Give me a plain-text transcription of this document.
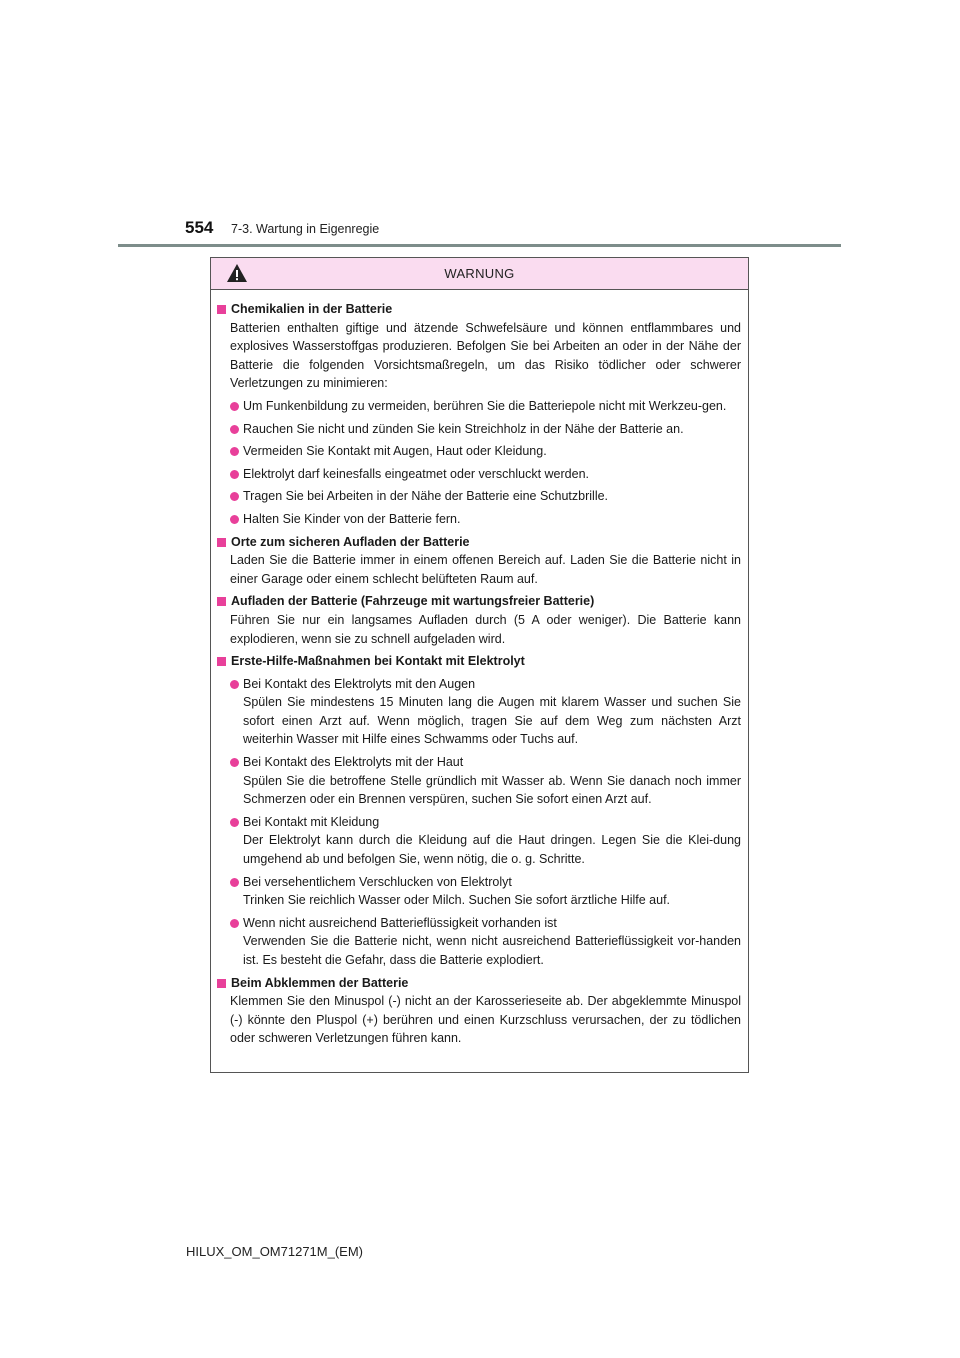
554 7-3. Wartung in Eigenregie
WARNUNG
Chemikalien in der Batterie
Batterien enthalten giftige und ätzende Schwefelsäure und können entflammbares und explosives Wasserstoffgas produzieren. Befolgen Sie bei Arbeiten an oder in der Nähe der Batterie die folgenden Vorsichtsmaßregeln, um das Risiko tödlicher oder schwerer Verletzungen zu minimieren:
Um Funkenbildung zu vermeiden, berühren Sie die Batteriepole nicht mit Werkzeu-gen.
Rauchen Sie nicht und zünden Sie kein Streichholz in der Nähe der Batterie an.
Vermeiden Sie Kontakt mit Augen, Haut oder Kleidung.
Elektrolyt darf keinesfalls eingeatmet oder verschluckt werden.
Tragen Sie bei Arbeiten in der Nähe der Batterie eine Schutzbrille.
Halten Sie Kinder von der Batterie fern.
Orte zum sicheren Aufladen der Batterie
Laden Sie die Batterie immer in einem offenen Bereich auf. Laden Sie die Batterie nicht in einer Garage oder einem schlecht belüfteten Raum auf.
Aufladen der Batterie (Fahrzeuge mit wartungsfreier Batterie)
Führen Sie nur ein langsames Aufladen durch (5 A oder weniger). Die Batterie kann explodieren, wenn sie zu schnell aufgeladen wird.
Erste-Hilfe-Maßnahmen bei Kontakt mit Elektrolyt
Bei Kontakt des Elektrolyts mit den Augen
Spülen Sie mindestens 15 Minuten lang die Augen mit klarem Wasser und suchen Sie sofort einen Arzt auf. Wenn möglich, tragen Sie auf dem Weg zum nächsten Arzt weiterhin Wasser mit Hilfe eines Schwamms oder Tuchs auf.
Bei Kontakt des Elektrolyts mit der Haut
Spülen Sie die betroffene Stelle gründlich mit Wasser ab. Wenn Sie danach noch immer Schmerzen oder ein Brennen verspüren, suchen Sie sofort einen Arzt auf.
Bei Kontakt mit Kleidung
Der Elektrolyt kann durch die Kleidung auf die Haut dringen. Legen Sie die Klei-dung umgehend ab und befolgen Sie, wenn nötig, die o. g. Schritte.
Bei versehentlichem Verschlucken von Elektrolyt
Trinken Sie reichlich Wasser oder Milch. Suchen Sie sofort ärztliche Hilfe auf.
Wenn nicht ausreichend Batterieflüssigkeit vorhanden ist
Verwenden Sie die Batterie nicht, wenn nicht ausreichend Batterieflüssigkeit vor-handen ist. Es besteht die Gefahr, dass die Batterie explodiert.
Beim Abklemmen der Batterie
Klemmen Sie den Minuspol (-) nicht an der Karosserieseite ab. Der abgeklemmte Minuspol (-) könnte den Pluspol (+) berühren und einen Kurzschluss verursachen, der zu tödlichen oder schweren Verletzungen führen kann.
HILUX_OM_OM71271M_(EM)
